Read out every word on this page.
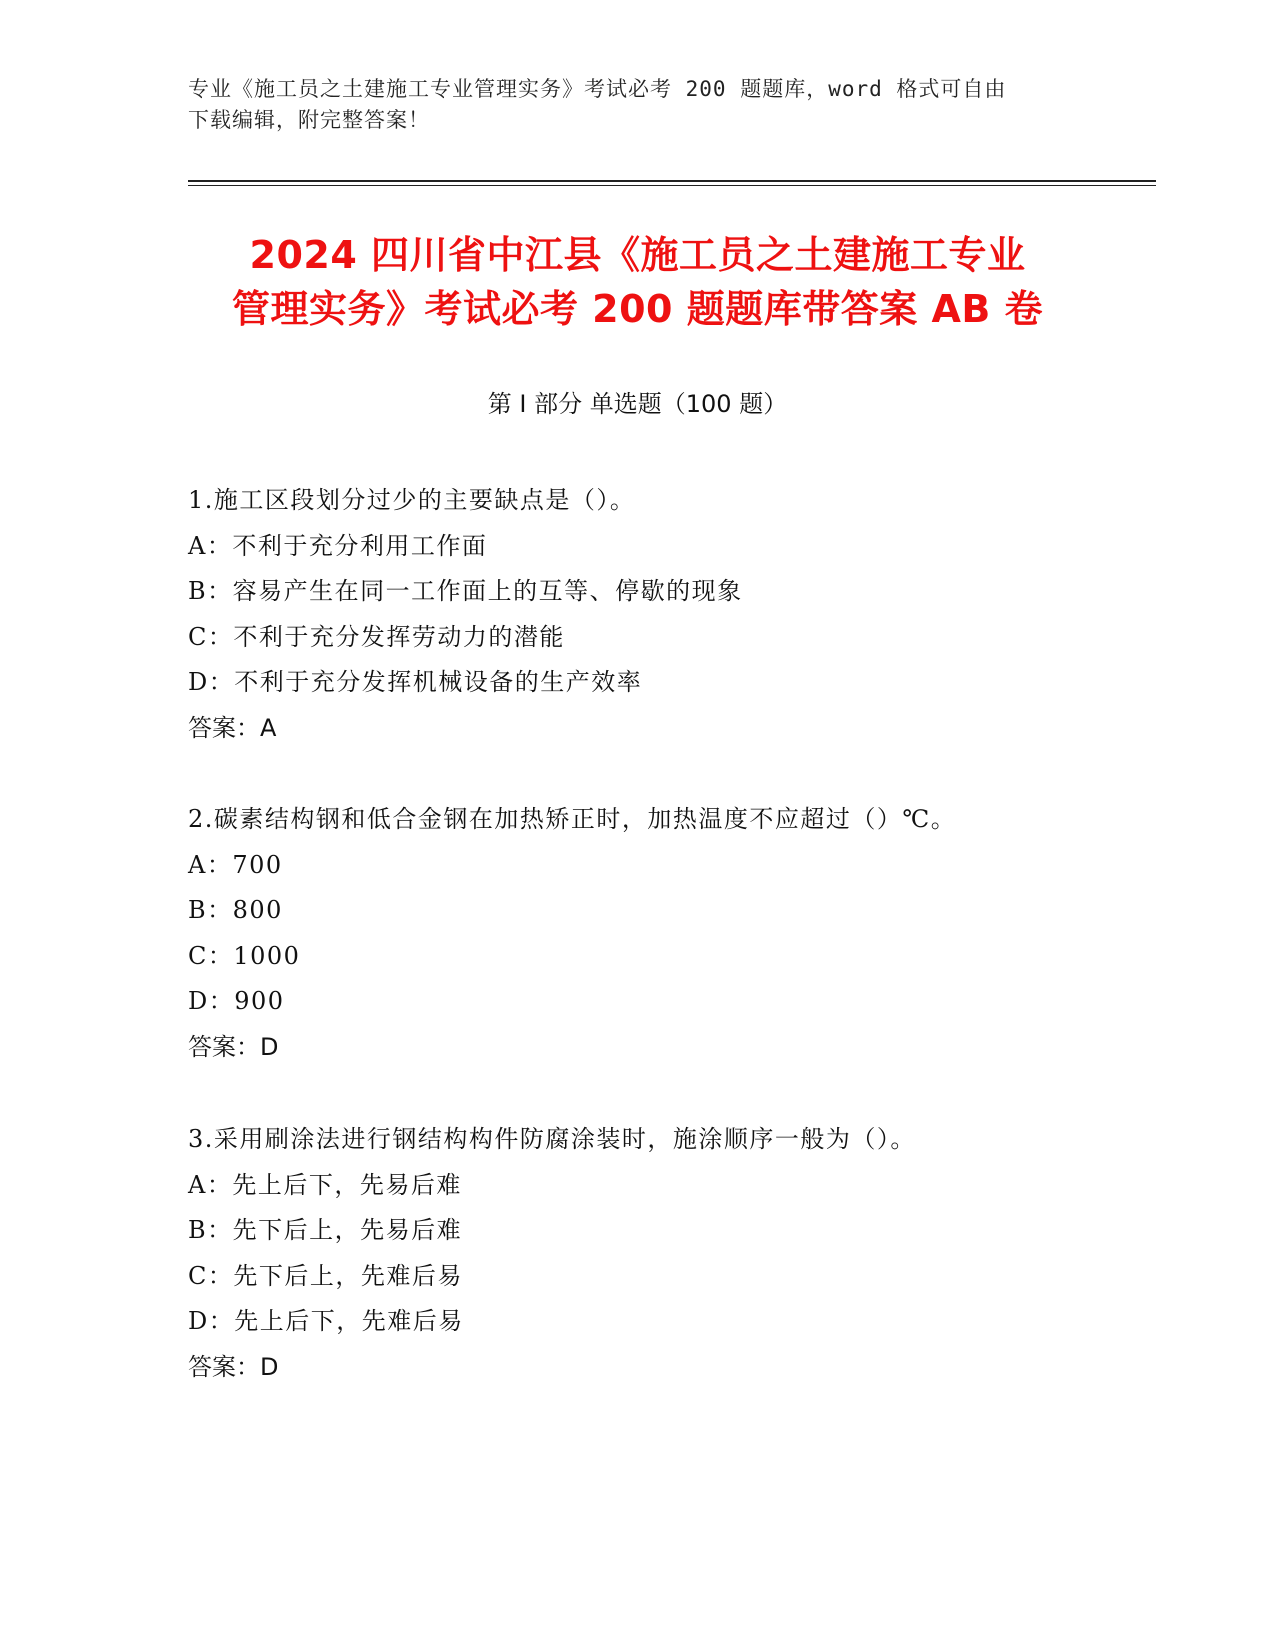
专业《施工员之土建施工专业管理实务》考试必考 200 题题库，word 格式可自由
下载编辑，附完整答案！
2024 四川省中江县《施工员之土建施工专业
管理实务》考试必考 200 题题库带答案 AB 卷
第 I 部分 单选题（100 题）
1.施工区段划分过少的主要缺点是（）。
A：不利于充分利用工作面
B：容易产生在同一工作面上的互等、停歇的现象
C：不利于充分发挥劳动力的潜能
D：不利于充分发挥机械设备的生产效率
答案：A
2.碳素结构钢和低合金钢在加热矫正时，加热温度不应超过（）℃。
A：700
B：800
C：1000
D：900
答案：D
3.采用刷涂法进行钢结构构件防腐涂装时，施涂顺序一般为（）。
A：先上后下，先易后难
B：先下后上，先易后难
C：先下后上，先难后易
D：先上后下，先难后易
答案：D
